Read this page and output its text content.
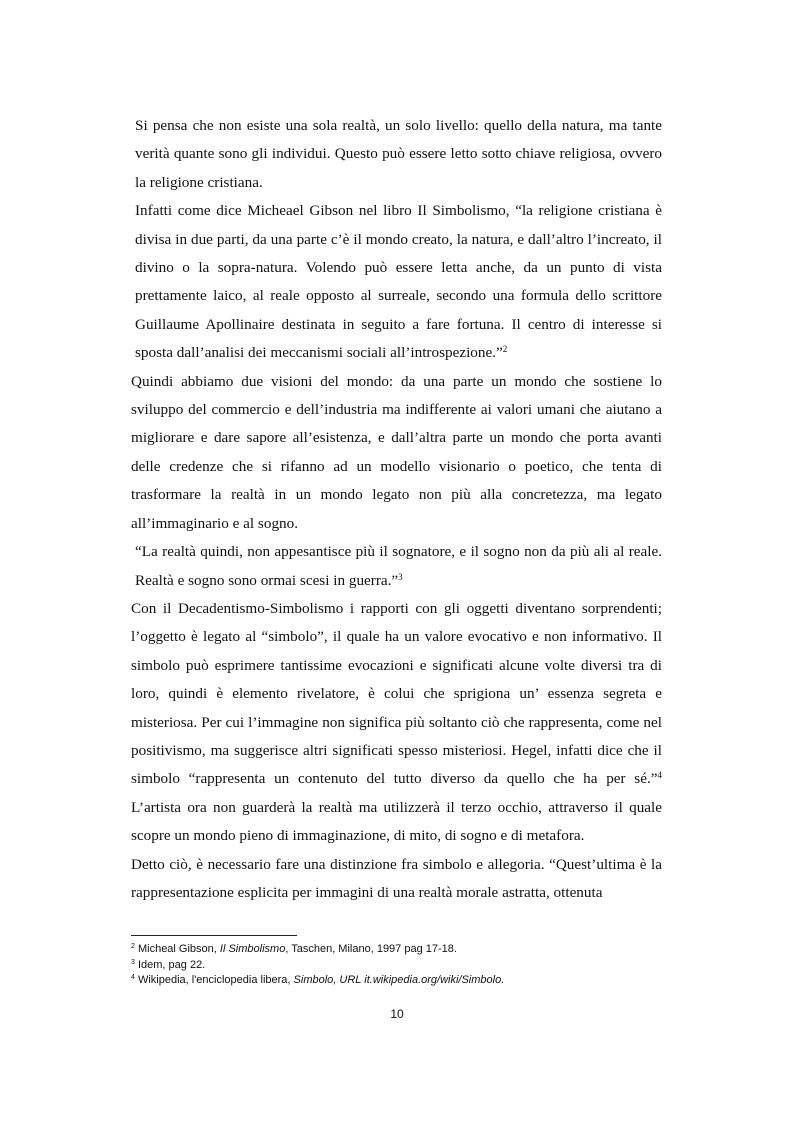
Si pensa che non esiste una sola realtà, un solo livello: quello della natura, ma tante verità quante sono gli individui. Questo può essere letto sotto chiave religiosa, ovvero la religione cristiana.

Infatti come dice Micheael Gibson nel libro Il Simbolismo, “la religione cristiana è divisa in due parti, da una parte c’è il mondo creato, la natura, e dall’altro l’increato, il divino o la sopra-natura. Volendo può essere letta anche, da un punto di vista prettamente laico, al reale opposto al surreale, secondo una formula dello scrittore Guillaume Apollinaire destinata in seguito a fare fortuna. Il centro di interesse si sposta dall’analisi dei meccanismi sociali all’introspezione.”$^2$

Quindi abbiamo due visioni del mondo: da una parte un mondo che sostiene lo sviluppo del commercio e dell’industria ma indifferente ai valori umani che aiutano a migliorare e dare sapore all’esistenza, e dall’altra parte un mondo che porta avanti delle credenze che si rifanno ad un modello visionario o poetico, che tenta di trasformare la realtà in un mondo legato non più alla concretezza, ma legato all’immaginario e al sogno.

“La realtà quindi, non appesantisce più il sognatore, e il sogno non da più ali al reale. Realtà e sogno sono ormai scesi in guerra.”$^3$

Con il Decadentismo-Simbolismo i rapporti con gli oggetti diventano sorprendenti; l’oggetto è legato al “simbolo”, il quale ha un valore evocativo e non informativo. Il simbolo può esprimere tantissime evocazioni e significati alcune volte diversi tra di loro, quindi è elemento rivelatore, è colui che sprigiona un’ essenza segreta e misteriosa. Per cui l’immagine non significa più soltanto ciò che rappresenta, come nel positivismo, ma suggerisce altri significati spesso misteriosi. Hegel, infatti dice che il simbolo “rappresenta un contenuto del tutto diverso da quello che ha per sé.”$^4$   L’artista ora non guarderà la realtà ma utilizzerà il terzo occhio, attraverso il quale   scopre un mondo pieno di immaginazione, di mito, di sogno e di metafora.

Detto ciò, è necessario fare una distinzione fra simbolo e allegoria. “Quest’ultima è la rappresentazione esplicita per immagini di una realtà morale astratta, ottenuta

$^2$ Micheal Gibson, Il Simbolismo, Taschen, Milano, 1997 pag 17-18.

$^3$ Idem, pag 22.

$^4$ Wikipedia, l'enciclopedia libera, Simbolo, URL it.wikipedia.org/wiki/Simbolo.

10
